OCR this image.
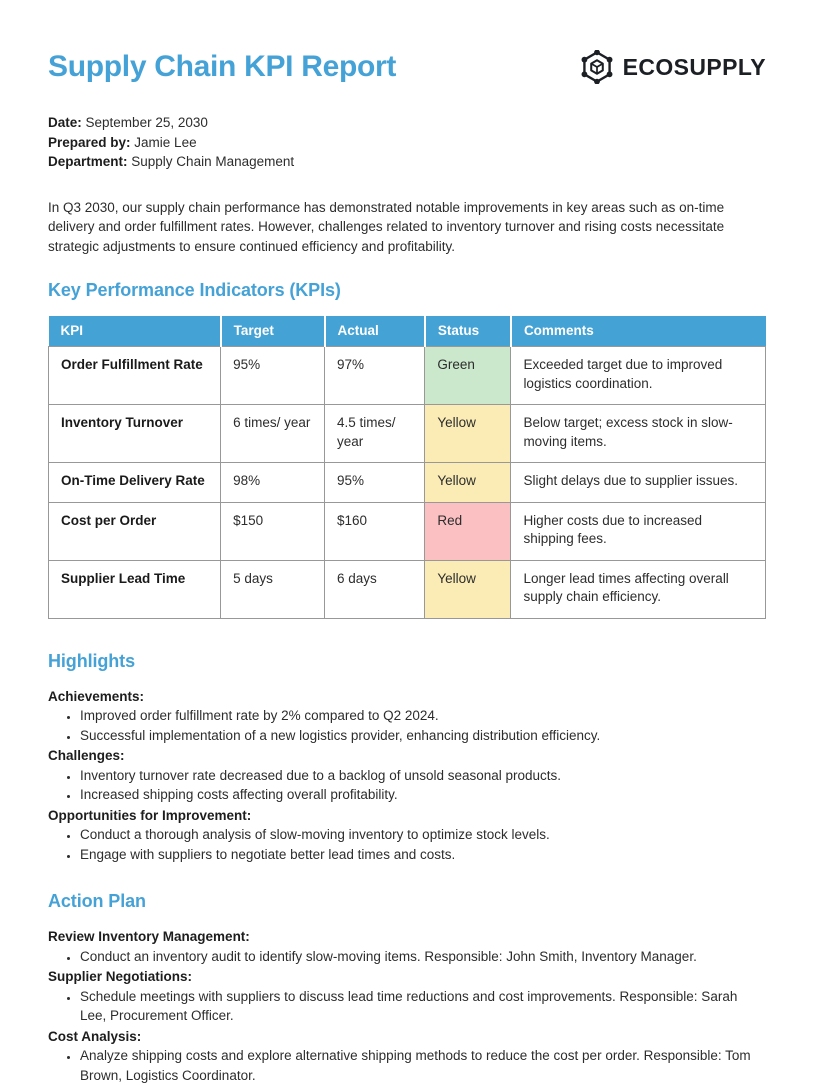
Supply Chain KPI Report	ECOSUPPLY
Date: September 25, 2030
Prepared by: Jamie Lee
Department: Supply Chain Management

In Q3 2030, our supply chain performance has demonstrated notable improvements in key areas such as on-time delivery and order fulfillment rates. However, challenges related to inventory turnover and rising costs necessitate strategic adjustments to ensure continued efficiency and profitability.

Key Performance Indicators (KPIs)
KPI	Target	Actual	Status	Comments
Order Fulfillment Rate	95%	97%	Green	Exceeded target due to improved logistics coordination.
Inventory Turnover	6 times/ year	4.5 times/ year	Yellow	Below target; excess stock in slow-moving items.
On-Time Delivery Rate	98%	95%	Yellow	Slight delays due to supplier issues.
Cost per Order	$150	$160	Red	Higher costs due to increased shipping fees.
Supplier Lead Time	5 days	6 days	Yellow	Longer lead times affecting overall supply chain efficiency.
Highlights
Achievements:
• Improved order fulfillment rate by 2% compared to Q2 2024.
• Successful implementation of a new logistics provider, enhancing distribution efficiency.
Challenges:
• Inventory turnover rate decreased due to a backlog of unsold seasonal products.
• Increased shipping costs affecting overall profitability.
Opportunities for Improvement:
• Conduct a thorough analysis of slow-moving inventory to optimize stock levels.
• Engage with suppliers to negotiate better lead times and costs.
Action Plan
Review Inventory Management:
• Conduct an inventory audit to identify slow-moving items. Responsible: John Smith, Inventory Manager.
Supplier Negotiations:
• Schedule meetings with suppliers to discuss lead time reductions and cost improvements. Responsible: Sarah Lee, Procurement Officer.
Cost Analysis:
• Analyze shipping costs and explore alternative shipping methods to reduce the cost per order. Responsible: Tom Brown, Logistics Coordinator.
